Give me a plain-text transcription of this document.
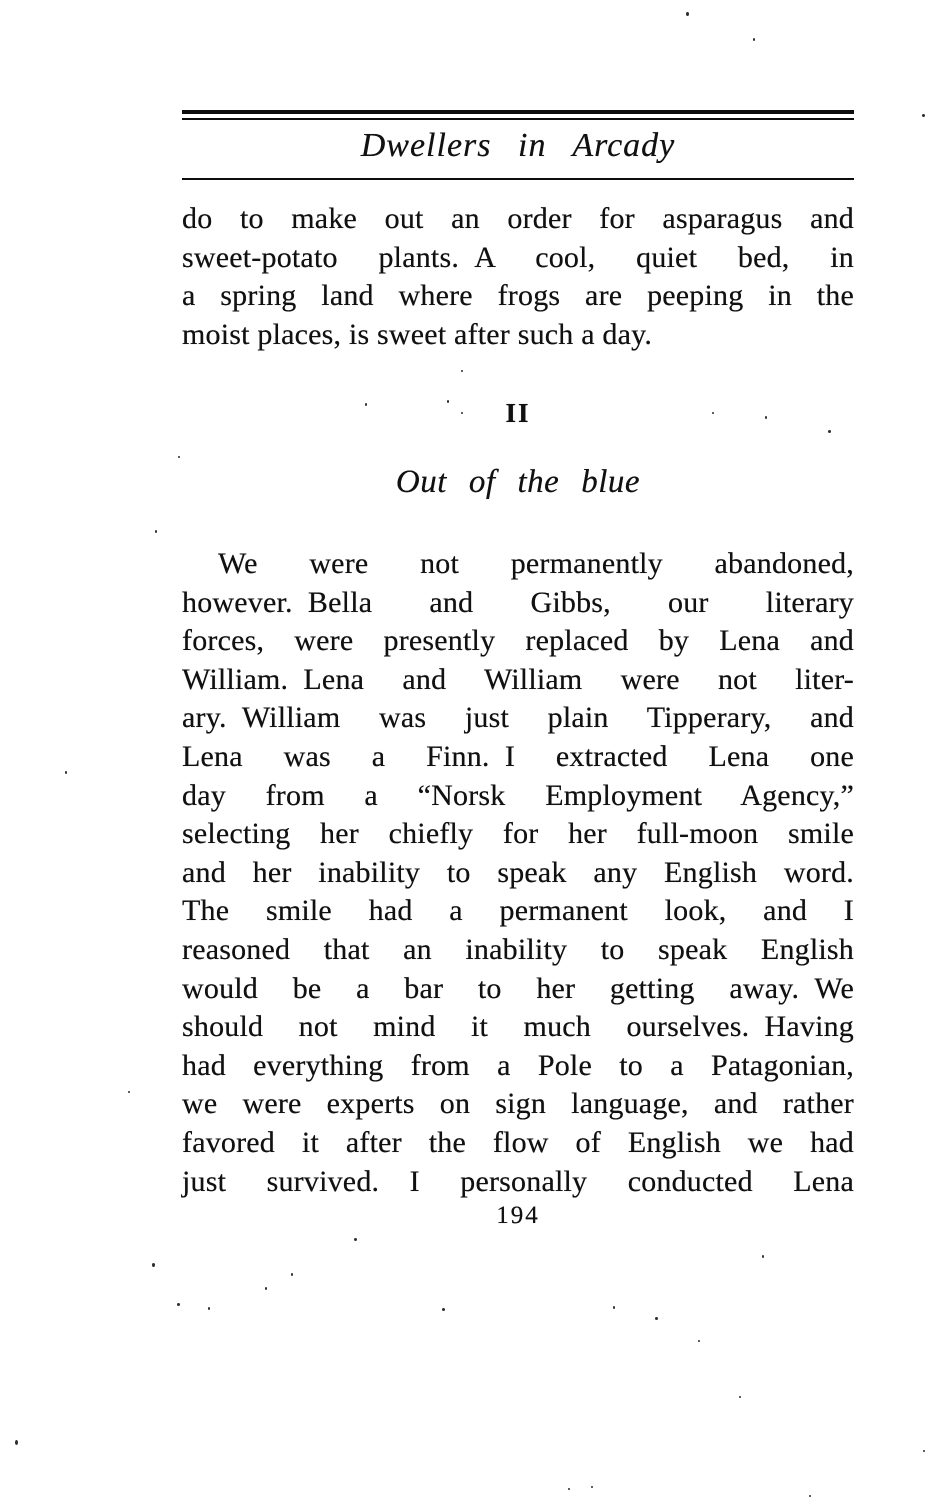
Dwellers in Arcady
do to make out an order for asparagus and
sweet-potato plants. A cool, quiet bed, in
a spring land where frogs are peeping in the
moist places, is sweet after such a day.
II
Out of the blue
We were not permanently abandoned,
however. Bella and Gibbs, our literary
forces, were presently replaced by Lena and
William. Lena and William were not liter-
ary. William was just plain Tipperary, and
Lena was a Finn. I extracted Lena one
day from a “Norsk Employment Agency,”
selecting her chiefly for her full-moon smile
and her inability to speak any English word.
The smile had a permanent look, and I
reasoned that an inability to speak English
would be a bar to her getting away. We
should not mind it much ourselves. Having
had everything from a Pole to a Patagonian,
we were experts on sign language, and rather
favored it after the flow of English we had
just survived.  I personally conducted Lena
194
